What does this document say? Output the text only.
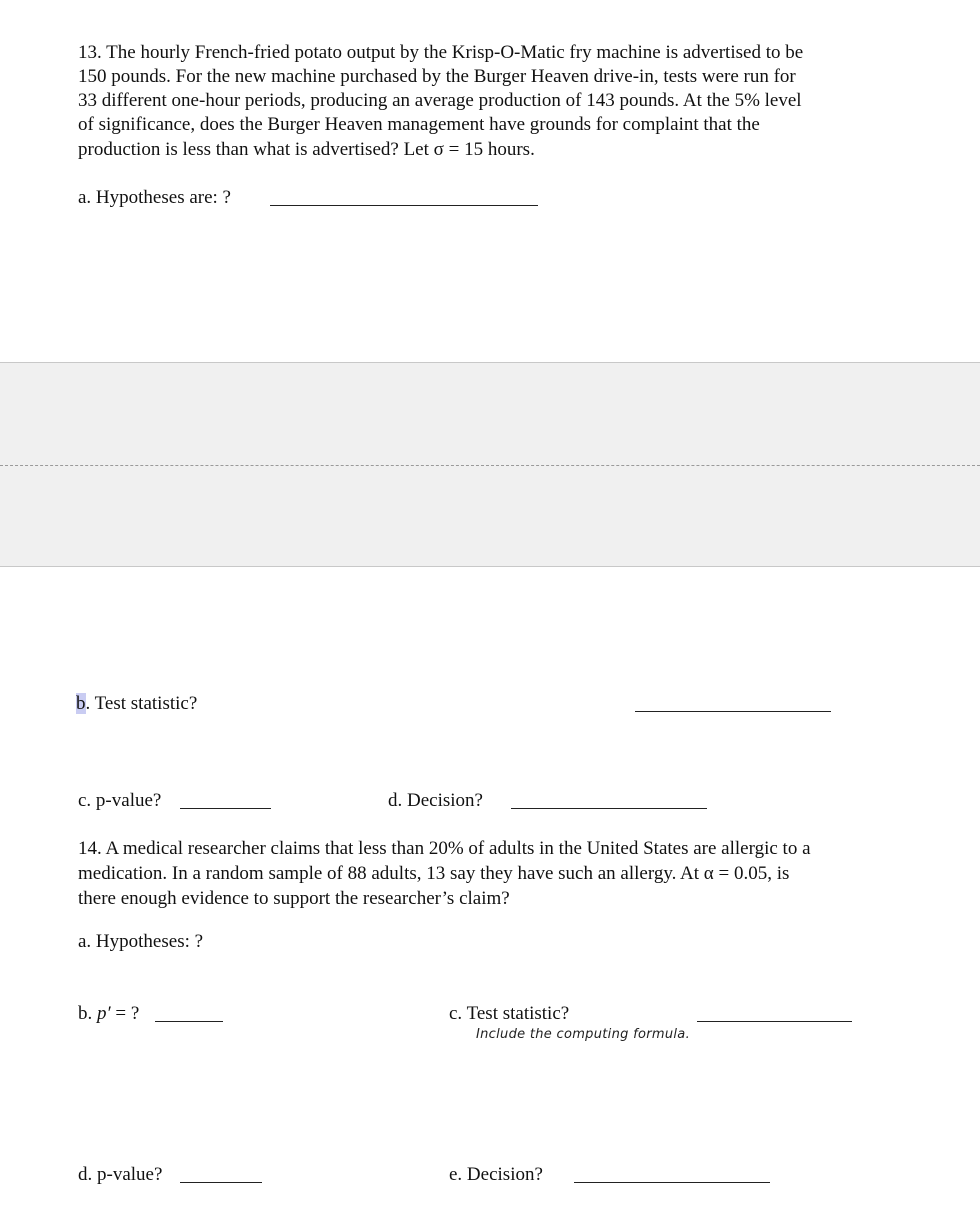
13. The hourly French-fried potato output by the Krisp-O-Matic fry machine is advertised to be
150 pounds. For the new machine purchased by the Burger Heaven drive-in, tests were run for
33 different one-hour periods, producing an average production of 143 pounds. At the 5% level
of significance, does the Burger Heaven management have grounds for complaint that the
production is less than what is advertised? Let σ = 15 hours.
a. Hypotheses are: ?
b. Test statistic?
c. p-value?	d. Decision?
14. A medical researcher claims that less than 20% of adults in the United States are allergic to a
medication. In a random sample of 88 adults, 13 say they have such an allergy. At α = 0.05, is
there enough evidence to support the researcher’s claim?
a. Hypotheses: ?
b. p′ = ?	c. Test statistic?
Include the computing formula.
d. p-value?	e. Decision?
